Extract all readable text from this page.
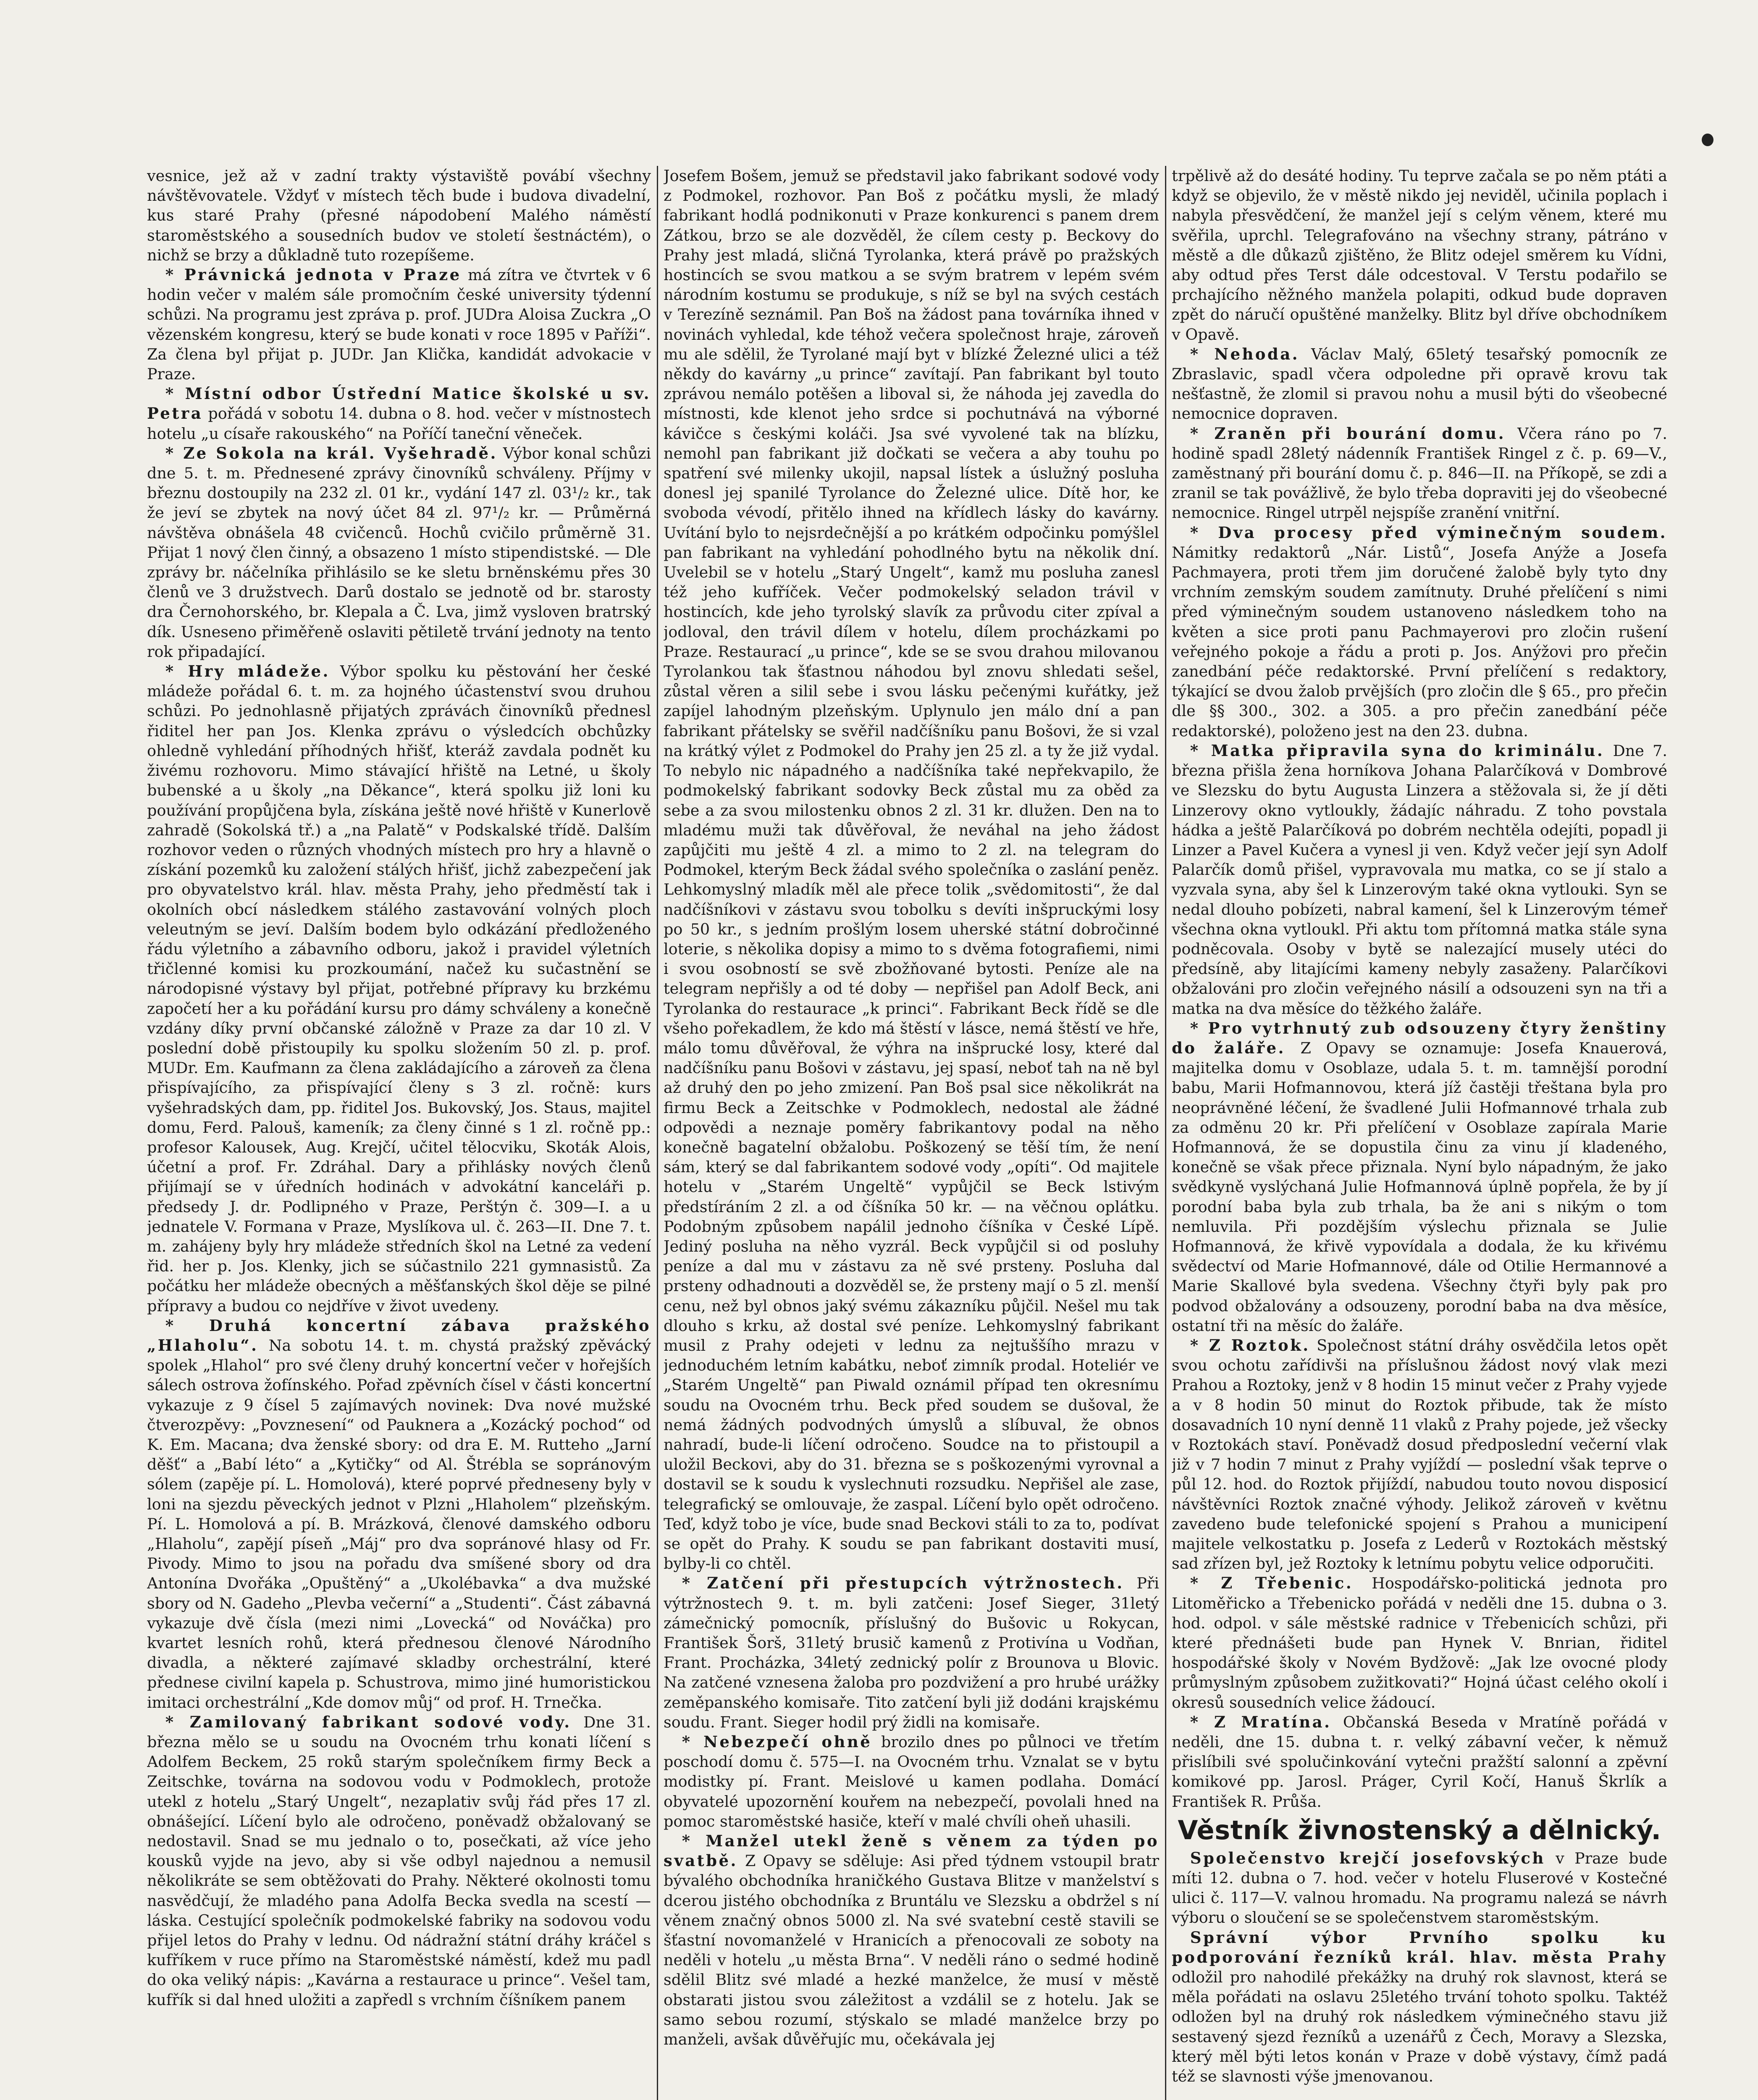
vesnice, jež až v zadní trakty výstaviště povábí všechny návštěvovatele. Vždyť v místech těch bude i budova divadelní, kus staré Prahy (přesné nápodobení Malého náměstí staroměstského a sousedních budov ve století šestnáctém), o nichž se brzy a důkladně tuto rozepíšeme.

* Právnická jednota v Praze má zítra ve čtvrtek v 6 hodin večer v malém sále promočním české university týdenní schůzi. Na programu jest zpráva p. prof. JUDra Aloisa Zuckra „O vězenském kongresu, který se bude konati v roce 1895 v Paříži“. Za člena byl přijat p. JUDr. Jan Klička, kandidát advokacie v Praze.

* Místní odbor Ústřední Matice školské u sv. Petra pořádá v sobotu 14. dubna o 8. hod. večer v místnostech hotelu „u císaře rakouského“ na Poříčí taneční věneček.

* Ze Sokola na král. Vyšehradě. Výbor konal schůzi dne 5. t. m. Přednesené zprávy činovníků schváleny. Příjmy v březnu dostoupily na 232 zl. 01 kr., vydání 147 zl. 03¹/₂ kr., tak že jeví se zbytek na nový účet 84 zl. 97¹/₂ kr. — Průměrná návštěva obnášela 48 cvičenců. Hochů cvičilo průměrně 31. Přijat 1 nový člen činný, a obsazeno 1 místo stipendistské. — Dle zprávy br. náčelníka přihlásilo se ke sletu brněnskému přes 30 členů ve 3 družstvech. Darů dostalo se jednotě od br. starosty dra Černohorského, br. Klepala a Č. Lva, jimž vysloven bratrský dík. Usneseno přiměřeně oslaviti pětiletě trvání jednoty na tento rok připadající.

* Hry mládeže. Výbor spolku ku pěstování her české mládeže pořádal 6. t. m. za hojného účastenství svou druhou schůzi. Po jednohlasně přijatých zprávách činovníků přednesl řiditel her pan Jos. Klenka zprávu o výsledcích obchůzky ohledně vyhledání příhodných hřišť, kteráž zavdala podnět ku živému rozhovoru. Mimo stávající hřiště na Letné, u školy bubenské a u školy „na Děkance“, která spolku již loni ku používání propůjčena byla, získána ještě nové hřiště v Kunerlově zahradě (Sokolská tř.) a „na Palatě“ v Podskalské třídě. Dalším rozhovor veden o různých vhodných místech pro hry a hlavně o získání pozemků ku založení stálých hřišť, jichž zabezpečení jak pro obyvatelstvo král. hlav. města Prahy, jeho předměstí tak i okolních obcí následkem stálého zastavování volných ploch veleutným se jeví. Dalším bodem bylo odkázání předloženého řádu výletního a zábavního odboru, jakož i pravidel výletních třičlenné komisi ku prozkoumání, načež ku sučastnění se národopisné výstavy byl přijat, potřebné přípravy ku brzkému započetí her a ku pořádání kursu pro dámy schváleny a konečně vzdány díky první občanské záložně v Praze za dar 10 zl. V poslední době přistoupily ku spolku složením 50 zl. p. prof. MUDr. Em. Kaufmann za člena zakládajícího a zároveň za člena přispívajícího, za přispívající členy s 3 zl. ročně: kurs vyšehradských dam, pp. řiditel Jos. Bukovský, Jos. Staus, majitel domu, Ferd. Palouš, kameník; za členy činné s 1 zl. ročně pp.: profesor Kalousek, Aug. Krejčí, učitel tělocviku, Skoták Alois, účetní a prof. Fr. Zdráhal. Dary a přihlásky nových členů přijímají se v úředních hodinách v advokátní kanceláři p. předsedy J. dr. Podlipného v Praze, Perštýn č. 309—I. a u jednatele V. Formana v Praze, Myslíkova ul. č. 263—II. Dne 7. t. m. zahájeny byly hry mládeže středních škol na Letné za vedení řid. her p. Jos. Klenky, jich se súčastnilo 221 gymnasistů. Za počátku her mládeže obecných a měšťanských škol děje se pilné přípravy a budou co nejdříve v život uvedeny.

* Druhá koncertní zábava pražského „Hlaholu“. Na sobotu 14. t. m. chystá pražský zpěvácký spolek „Hlahol“ pro své členy druhý koncertní večer v hořejších sálech ostrova žofínského. Pořad zpěvních čísel v části koncertní vykazuje z 9 čísel 5 zajímavých novinek: Dva nové mužské čtverozpěvy: „Povznesení“ od Pauknera a „Kozácký pochod“ od K. Em. Macana; dva ženské sbory: od dra E. M. Rutteho „Jarní děšť“ a „Babí léto“ a „Kytičky“ od Al. Štrébla se sopránovým sólem (zapěje pí. L. Homolová), které poprvé předneseny byly v loni na sjezdu pěveckých jednot v Plzni „Hlaholem“ plzeňským. Pí. L. Homolová a pí. B. Mrázková, členové damského odboru „Hlaholu“, zapějí píseň „Máj“ pro dva sopránové hlasy od Fr. Pivody. Mimo to jsou na pořadu dva smíšené sbory od dra Antonína Dvořáka „Opuštěný“ a „Ukolébavka“ a dva mužské sbory od N. Gadeho „Plevba večerní“ a „Studenti“. Část zábavná vykazuje dvě čísla (mezi nimi „Lovecká“ od Nováčka) pro kvartet lesních rohů, která přednesou členové Národního divadla, a některé zajímavé skladby orchestrální, které přednese civilní kapela p. Schustrova, mimo jiné humoristickou imitaci orchestrální „Kde domov můj“ od prof. H. Trnečka.

* Zamilovaný fabrikant sodové vody. Dne 31. března mělo se u soudu na Ovocném trhu konati líčení s Adolfem Beckem, 25 roků starým společníkem firmy Beck a Zeitschke, továrna na sodovou vodu v Podmoklech, protože utekl z hotelu „Starý Ungelt“, nezaplativ svůj řád přes 17 zl. obnášející. Líčení bylo ale odročeno, poněvadž obžalovaný se nedostavil. Snad se mu jednalo o to, posečkati, až více jeho kousků vyjde na jevo, aby si vše odbyl najednou a nemusil několikráte se sem obtěžovati do Prahy. Některé okolnosti tomu nasvědčují, že mladého pana Adolfa Becka svedla na scestí — láska. Cestující společník podmokelské fabriky na sodovou vodu přijel letos do Prahy v lednu. Od nádražní státní dráhy kráčel s kufříkem v ruce přímo na Staroměstské náměstí, kdež mu padl do oka veliký nápis: „Kavárna a restaurace u prince“. Vešel tam, kufřík si dal hned uložiti a zapředl s vrchním číšníkem panem

Josefem Bošem, jemuž se představil jako fabrikant sodové vody z Podmokel, rozhovor. Pan Boš z počátku mysli, že mladý fabrikant hodlá podnikonuti v Praze konkurenci s panem drem Zátkou, brzo se ale dozvěděl, že cílem cesty p. Beckovy do Prahy jest mladá, sličná Tyrolanka, která právě po pražských hostincích se svou matkou a se svým bratrem v lepém svém národním kostumu se produkuje, s níž se byl na svých cestách v Terezíně seznámil. Pan Boš na žádost pana továrníka ihned v novinách vyhledal, kde téhož večera společnost hraje, zároveň mu ale sdělil, že Tyrolané mají byt v blízké Železné ulici a též někdy do kavárny „u prince“ zavítají. Pan fabrikant byl touto zprávou nemálo potěšen a liboval si, že náhoda jej zavedla do místnosti, kde klenot jeho srdce si pochutnává na výborné kávičce s českými koláči. Jsa své vyvolené tak na blízku, nemohl pan fabrikant již dočkati se večera a aby touhu po spatření své milenky ukojil, napsal lístek a úslužný posluha donesl jej spanilé Tyrolance do Železné ulice. Dítě hor, ke svoboda vévodí, přitělo ihned na křídlech lásky do kavárny. Uvítání bylo to nejsrdečnější a po krátkém odpočinku pomýšlel pan fabrikant na vyhledání pohodlného bytu na několik dní. Uvelebil se v hotelu „Starý Ungelt“, kamž mu posluha zanesl též jeho kufříček. Večer podmokelský seladon trávil v hostincích, kde jeho tyrolský slavík za průvodu citer zpíval a jodloval, den trávil dílem v hotelu, dílem procházkami po Praze. Restaurací „u prince“, kde se se svou drahou milovanou Tyrolankou tak šťastnou náhodou byl znovu shledati sešel, zůstal věren a silil sebe i svou lásku pečenými kuřátky, jež zapíjel lahodným plzeňským. Uplynulo jen málo dní a pan fabrikant přátelsky se svěřil nadčíšníku panu Bošovi, že si vzal na krátký výlet z Podmokel do Prahy jen 25 zl. a ty že již vydal. To nebylo nic nápadného a nadčíšníka také nepřekvapilo, že podmokelský fabrikant sodovky Beck zůstal mu za oběd za sebe a za svou milostenku obnos 2 zl. 31 kr. dlužen. Den na to mladému muži tak důvěřoval, že neváhal na jeho žádost zapůjčiti mu ještě 4 zl. a mimo to 2 zl. na telegram do Podmokel, kterým Beck žádal svého společníka o zaslání peněz. Lehkomyslný mladík měl ale přece tolik „svědomitosti“, že dal nadčíšníkovi v zástavu svou tobolku s devíti inšpruckými losy po 50 kr., s jedním prošlým losem uherské státní dobročinné loterie, s několika dopisy a mimo to s dvěma fotografiemi, nimi i svou osobností se svě zbožňované bytosti. Peníze ale na telegram nepřišly a od té doby — nepřišel pan Adolf Beck, ani Tyrolanka do restaurace „k princi“. Fabrikant Beck řídě se dle všeho pořekadlem, že kdo má štěstí v lásce, nemá štěstí ve hře, málo tomu důvěřoval, že výhra na inšprucké losy, které dal nadčíšníku panu Bošovi v zástavu, jej spasí, neboť tah na ně byl až druhý den po jeho zmizení. Pan Boš psal sice několikrát na firmu Beck a Zeitschke v Podmoklech, nedostal ale žádné odpovědi a neznaje poměry fabrikantovy podal na něho konečně bagatelní obžalobu. Poškozený se těší tím, že není sám, který se dal fabrikantem sodové vody „opíti“. Od majitele hotelu v „Starém Ungeltě“ vypůjčil se Beck lstivým předstíráním 2 zl. a od číšníka 50 kr. — na věčnou oplátku. Podobným způsobem napálil jednoho číšníka v České Lípě. Jediný posluha na něho vyzrál. Beck vypůjčil si od posluhy peníze a dal mu v zástavu za ně své prsteny. Posluha dal prsteny odhadnouti a dozvěděl se, že prsteny mají o 5 zl. menší cenu, než byl obnos jaký svému zákazníku půjčil. Nešel mu tak dlouho s krku, až dostal své peníze. Lehkomyslný fabrikant musil z Prahy odejeti v lednu za nejtuššího mrazu v jednoduchém letním kabátku, neboť zimník prodal. Hoteliér ve „Starém Ungeltě“ pan Piwald oznámil případ ten okresnímu soudu na Ovocném trhu. Beck před soudem se dušoval, že nemá žádných podvodných úmyslů a slíbuval, že obnos nahradí, bude-li líčení odročeno. Soudce na to přistoupil a uložil Beckovi, aby do 31. března se s poškozenými vyrovnal a dostavil se k soudu k vyslechnuti rozsudku. Nepřišel ale zase, telegrafický se omlouvaje, že zaspal. Líčení bylo opět odročeno. Teď, když tobo je více, bude snad Beckovi stáli to za to, podívat se opět do Prahy. K soudu se pan fabrikant dostaviti musí, bylby-li co chtěl.

* Zatčení při přestupcích výtržnostech. Při výtržnostech 9. t. m. byli zatčeni: Josef Sieger, 31letý zámečnický pomocník, příslušný do Bušovic u Rokycan, František Šorš, 31letý brusič kamenů z Protivína u Vodňan, Frant. Procházka, 34letý zednický polír z Brounova u Blovic. Na zatčené vznesena žaloba pro pozdvižení a pro hrubé urážky zeměpanského komisaře. Tito zatčení byli již dodáni krajskému soudu. Frant. Sieger hodil prý židli na komisaře.

* Nebezpečí ohně brozilo dnes po půlnoci ve třetím poschodí domu č. 575—I. na Ovocném trhu. Vznalat se v bytu modistky pí. Frant. Meislové u kamen podlaha. Domácí obyvatelé upozornění kouřem na nebezpečí, povolali hned na pomoc staroměstské hasiče, kteří v malé chvíli oheň uhasili.

* Manžel utekl ženě s věnem za týden po svatbě. Z Opavy se sděluje: Asi před týdnem vstoupil bratr bývalého obchodníka hraničkého Gustava Blitze v manželství s dcerou jistého obchodníka z Bruntálu ve Slezsku a obdržel s ní věnem značný obnos 5000 zl. Na své svatební cestě stavili se šťastní novomanželé v Hranicích a přenocovali ze soboty na neděli v hotelu „u města Brna“. V neděli ráno o sedmé hodině sdělil Blitz své mladé a hezké manželce, že musí v městě obstarati jistou svou záležitost a vzdálil se z hotelu. Jak se samo sebou rozumí, stýskalo se mladé manželce brzy po manželi, avšak důvěřujíc mu, očekávala jej

trpělivě až do desáté hodiny. Tu teprve začala se po něm ptáti a když se objevilo, že v městě nikdo jej neviděl, učinila poplach i nabyla přesvědčení, že manžel její s celým věnem, které mu svěřila, uprchl. Telegrafováno na všechny strany, pátráno v městě a dle důkazů zjištěno, že Blitz odejel směrem ku Vídni, aby odtud přes Terst dále odcestoval. V Terstu podařilo se prchajícího něžného manžela polapiti, odkud bude dopraven zpět do náručí opuštěné manželky. Blitz byl dříve obchodníkem v Opavě.

* Nehoda. Václav Malý, 65letý tesařský pomocník ze Zbraslavic, spadl včera odpoledne při opravě krovu tak nešťastně, že zlomil si pravou nohu a musil býti do všeobecné nemocnice dopraven.

* Zraněn při bourání domu. Včera ráno po 7. hodině spadl 28letý nádenník František Ringel z č. p. 69—V., zaměstnaný při bourání domu č. p. 846—II. na Příkopě, se zdi a zranil se tak povážlivě, že bylo třeba dopraviti jej do všeobecné nemocnice. Ringel utrpěl nejspíše zranění vnitřní.

* Dva procesy před výminečným soudem. Námitky redaktorů „Nár. Listů“, Josefa Anýže a Josefa Pachmayera, proti třem jim doručené žalobě byly tyto dny vrchním zemským soudem zamítnuty. Druhé přelíčení s nimi před výminečným soudem ustanoveno následkem toho na květen a sice proti panu Pachmayerovi pro zločin rušení veřejného pokoje a řádu a proti p. Jos. Anýžovi pro přečin zanedbání péče redaktorské. První přelíčení s redaktory, týkající se dvou žalob prvějších (pro zločin dle § 65., pro přečin dle §§ 300., 302. a 305. a pro přečin zanedbání péče redaktorské), položeno jest na den 23. dubna.

* Matka připravila syna do kriminálu. Dne 7. března přišla žena horníkova Johana Palarčíková v Dombrové ve Slezsku do bytu Augusta Linzera a stěžovala si, že jí děti Linzerovy okno vytloukly, žádajíc náhradu. Z toho povstala hádka a ještě Palarčíková po dobrém nechtěla odejíti, popadl ji Linzer a Pavel Kučera a vynesl ji ven. Když večer její syn Adolf Palarčík domů přišel, vypravovala mu matka, co se jí stalo a vyzvala syna, aby šel k Linzerovým také okna vytlouki. Syn se nedal dlouho pobízeti, nabral kamení, šel k Linzerovým témeř všechna okna vytloukl. Při aktu tom přítomná matka stále syna podněcovala. Osoby v bytě se nalezající musely utéci do předsíně, aby litajícími kameny nebyly zasaženy. Palarčíkovi obžalováni pro zločin veřejného násilí a odsouzeni syn na tři a matka na dva měsíce do těžkého žaláře.

* Pro vytrhnutý zub odsouzeny čtyry ženštiny do žaláře. Z Opavy se oznamuje: Josefa Knauerová, majitelka domu v Osoblaze, udala 5. t. m. tamnější porodní babu, Marii Hofmannovou, která jíž častěji třeštana byla pro neoprávněné léčení, že švadlené Julii Hofmannové trhala zub za odměnu 20 kr. Při přelíčení v Osoblaze zapírala Marie Hofmannová, že se dopustila činu za vinu jí kladeného, konečně se však přece přiznala. Nyní bylo nápadným, že jako svědkyně vyslýchaná Julie Hofmannová úplně popřela, že by jí porodní baba byla zub trhala, ba že ani s nikým o tom nemluvila. Při pozdějším výslechu přiznala se Julie Hofmannová, že křivě vypovídala a dodala, že ku křivému svědectví od Marie Hofmannové, dále od Otilie Hermannové a Marie Skallové byla svedena. Všechny čtyři byly pak pro podvod obžalovány a odsouzeny, porodní baba na dva měsíce, ostatní tři na měsíc do žaláře.

* Z Roztok. Společnost státní dráhy osvědčila letos opět svou ochotu zařídivši na příslušnou žádost nový vlak mezi Prahou a Roztoky, jenž v 8 hodin 15 minut večer z Prahy vyjede a v 8 hodin 50 minut do Roztok přibude, tak že místo dosavadních 10 nyní denně 11 vlaků z Prahy pojede, jež všecky v Roztokách staví. Poněvadž dosud předposlední večerní vlak již v 7 hodin 7 minut z Prahy vyjíždí — poslední však teprve o půl 12. hod. do Roztok přijíždí, nabudou touto novou disposicí návštěvníci Roztok značné výhody. Jelikož zároveň v květnu zavedeno bude telefonické spojení s Prahou a municipení majitele velkostatku p. Josefa z Lederů v Roztokách městský sad zřízen byl, jež Roztoky k letnímu pobytu velice odporučiti.

* Z Třebenic. Hospodářsko-politická jednota pro Litoměřicko a Třebenicko pořádá v neděli dne 15. dubna o 3. hod. odpol. v sále městské radnice v Třebenicích schůzi, při které přednášeti bude pan Hynek V. Bnrian, řiditel hospodářské školy v Novém Bydžově: „Jak lze ovocné plody průmyslným způsobem zužitkovati?“ Hojná účast celého okolí i okresů sousedních velice žádoucí.

* Z Mratína. Občanská Beseda v Mratíně pořádá v neděli, dne 15. dubna t. r. velký zábavní večer, k němuž přislíbili své spolučinkování vytečni pražští salonní a zpěvní komikové pp. Jarosl. Práger, Cyril Kočí, Hanuš Škrlík a František R. Průša.

Věstník živnostenský a dělnický.

Společenstvo krejčí josefovských v Praze bude míti 12. dubna o 7. hod. večer v hotelu Fluserové v Kostečné ulici č. 117—V. valnou hromadu. Na programu nalezá se návrh výboru o sloučení se se společenstvem staroměstským.

Správní výbor Prvního spolku ku podporování řezníků král. hlav. města Prahy odložil pro nahodilé překážky na druhý rok slavnost, která se měla pořádati na oslavu 25letého trvání tohoto spolku. Taktéž odložen byl na druhý rok následkem výminečného stavu již sestavený sjezd řezníků a uzenářů z Čech, Moravy a Slezska, který měl býti letos konán v Praze v době výstavy, čímž padá též se slavnosti výše jmenovanou.
